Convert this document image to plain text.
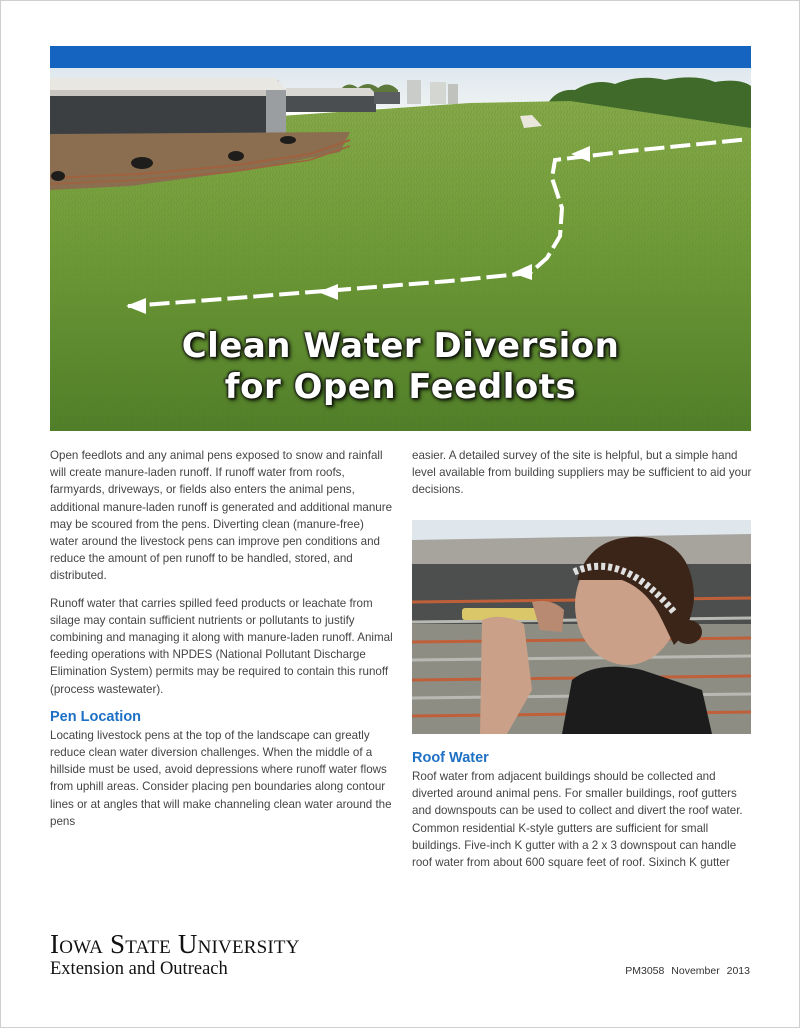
Clean Water Diversion
for Open Feedlots

Open feedlots and any animal pens exposed to snow and rainfall will create manure-laden runoff. If runoff water from roofs, farmyards, driveways, or fields also enters the animal pens, additional manure-laden runoff is generated and additional manure may be scoured from the pens. Diverting clean (manure-free) water around the livestock pens can improve pen conditions and reduce the amount of pen runoff to be handled, stored, and distributed.

Runoff water that carries spilled feed products or leachate from silage may contain sufficient nutrients or pollutants to justify combining and managing it along with manure-laden runoff. Animal feeding operations with NPDES (National Pollutant Discharge Elimination System) permits may be required to contain this runoff (process wastewater).

Pen Location

Locating livestock pens at the top of the landscape can greatly reduce clean water diversion challenges. When the middle of a hillside must be used, avoid depressions where runoff water flows from uphill areas. Consider placing pen boundaries along contour lines or at angles that will make channeling clean water around the pens

easier. A detailed survey of the site is helpful, but a simple hand level available from building suppliers may be sufficient to aid your decisions.

Roof Water

Roof water from adjacent buildings should be collected and diverted around animal pens. For smaller buildings, roof gutters and downspouts can be used to collect and divert the roof water. Common residential K-style gutters are sufficient for small buildings. Five-inch K gutter with a 2 x 3 downspout can handle roof water from about 600 square feet of roof. Sixinch K gutter

Iowa State University
Extension and Outreach	PM3058 November 2013
